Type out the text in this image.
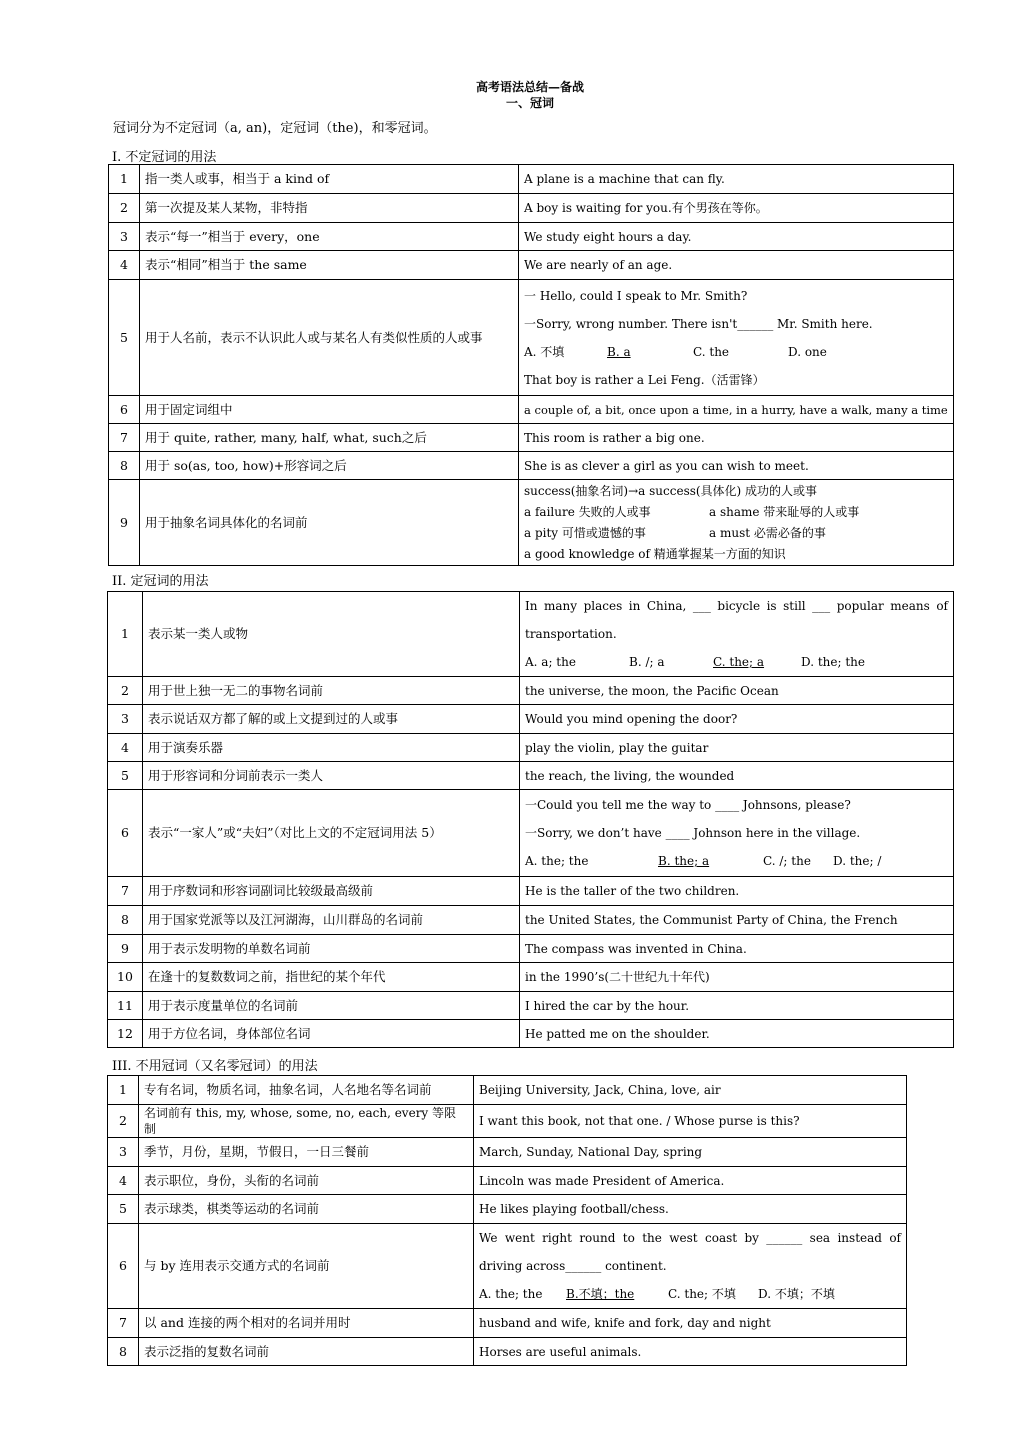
高考语法总结—备战
一、冠词
冠词分为不定冠词（a, an)，定冠词（the)，和零冠词。
I. 不定冠词的用法
1	指一类人或事，相当于 a kind of	A plane is a machine that can fly.
2	第一次提及某人某物，非特指	A boy is waiting for you.有个男孩在等你。
3	表示“每一”相当于 every，one	We study eight hours a day.
4	表示“相同”相当于 the same	We are nearly of an age.
5	用于人名前，表示不认识此人或与某名人有类似性质的人或事	一 Hello, could I speak to Mr. Smith?
一Sorry, wrong number. There isn't______ Mr. Smith here.
A. 不填 B. a C. the D. one
That boy is rather a Lei Feng.（活雷锋）

6	用于固定词组中	a couple of, a bit, once upon a time, in a hurry, have a walk, many a time
7	用于 quite, rather, many, half, what, such之后	This room is rather a big one.
8	用于 so(as, too, how)+形容词之后	She is as clever a girl as you can wish to meet.
9	用于抽象名词具体化的名词前	success(抽象名词)→a success(具体化) 成功的人或事
a failure 失败的人或事 a shame 带来耻辱的人或事
a pity 可惜或遗憾的事 a must 必需必备的事
a good knowledge of 精通掌握某一方面的知识
II. 定冠词的用法
1	表示某一类人或物	In many places in China, ___ bicycle is still ___ popular means of transportation.
A. a; the B. /; a C. the; a D. the; the

2	用于世上独一无二的事物名词前	the universe, the moon, the Pacific Ocean
3	表示说话双方都了解的或上文提到过的人或事	Would you mind opening the door?
4	用于演奏乐器	play the violin, play the guitar
5	用于形容词和分词前表示一类人	the reach, the living, the wounded
6	表示“一家人”或“夫妇”（对比上文的不定冠词用法 5）	一Could you tell me the way to ____ Johnsons, please?
一Sorry, we don’t have ____ Johnson here in the village.
A. the; the B. the; a C. /; the D. the; /

7	用于序数词和形容词副词比较级最高级前	He is the taller of the two children.
8	用于国家党派等以及江河湖海，山川群岛的名词前	the United States, the Communist Party of China, the French
9	用于表示发明物的单数名词前	The compass was invented in China.
10	在逢十的复数数词之前，指世纪的某个年代	in the 1990’s(二十世纪九十年代)
11	用于表示度量单位的名词前	I hired the car by the hour.
12	用于方位名词，身体部位名词	He patted me on the shoulder.
III. 不用冠词（又名零冠词）的用法
1	专有名词，物质名词，抽象名词，人名地名等名词前	Beijing University, Jack, China, love, air
2	名词前有 this, my, whose, some, no, each, every 等限制	I want this book, not that one. / Whose purse is this?
3	季节，月份，星期，节假日，一日三餐前	March, Sunday, National Day, spring
4	表示职位，身份，头衔的名词前	Lincoln was made President of America.
5	表示球类，棋类等运动的名词前	He likes playing football/chess.
6	与 by 连用表示交通方式的名词前	We went right round to the west coast by ______ sea instead of driving across______ continent.
A. the; the B.不填；the C. the; 不填 D. 不填；不填

7	以 and 连接的两个相对的名词并用时	husband and wife, knife and fork, day and night
8	表示泛指的复数名词前	Horses are useful animals.
